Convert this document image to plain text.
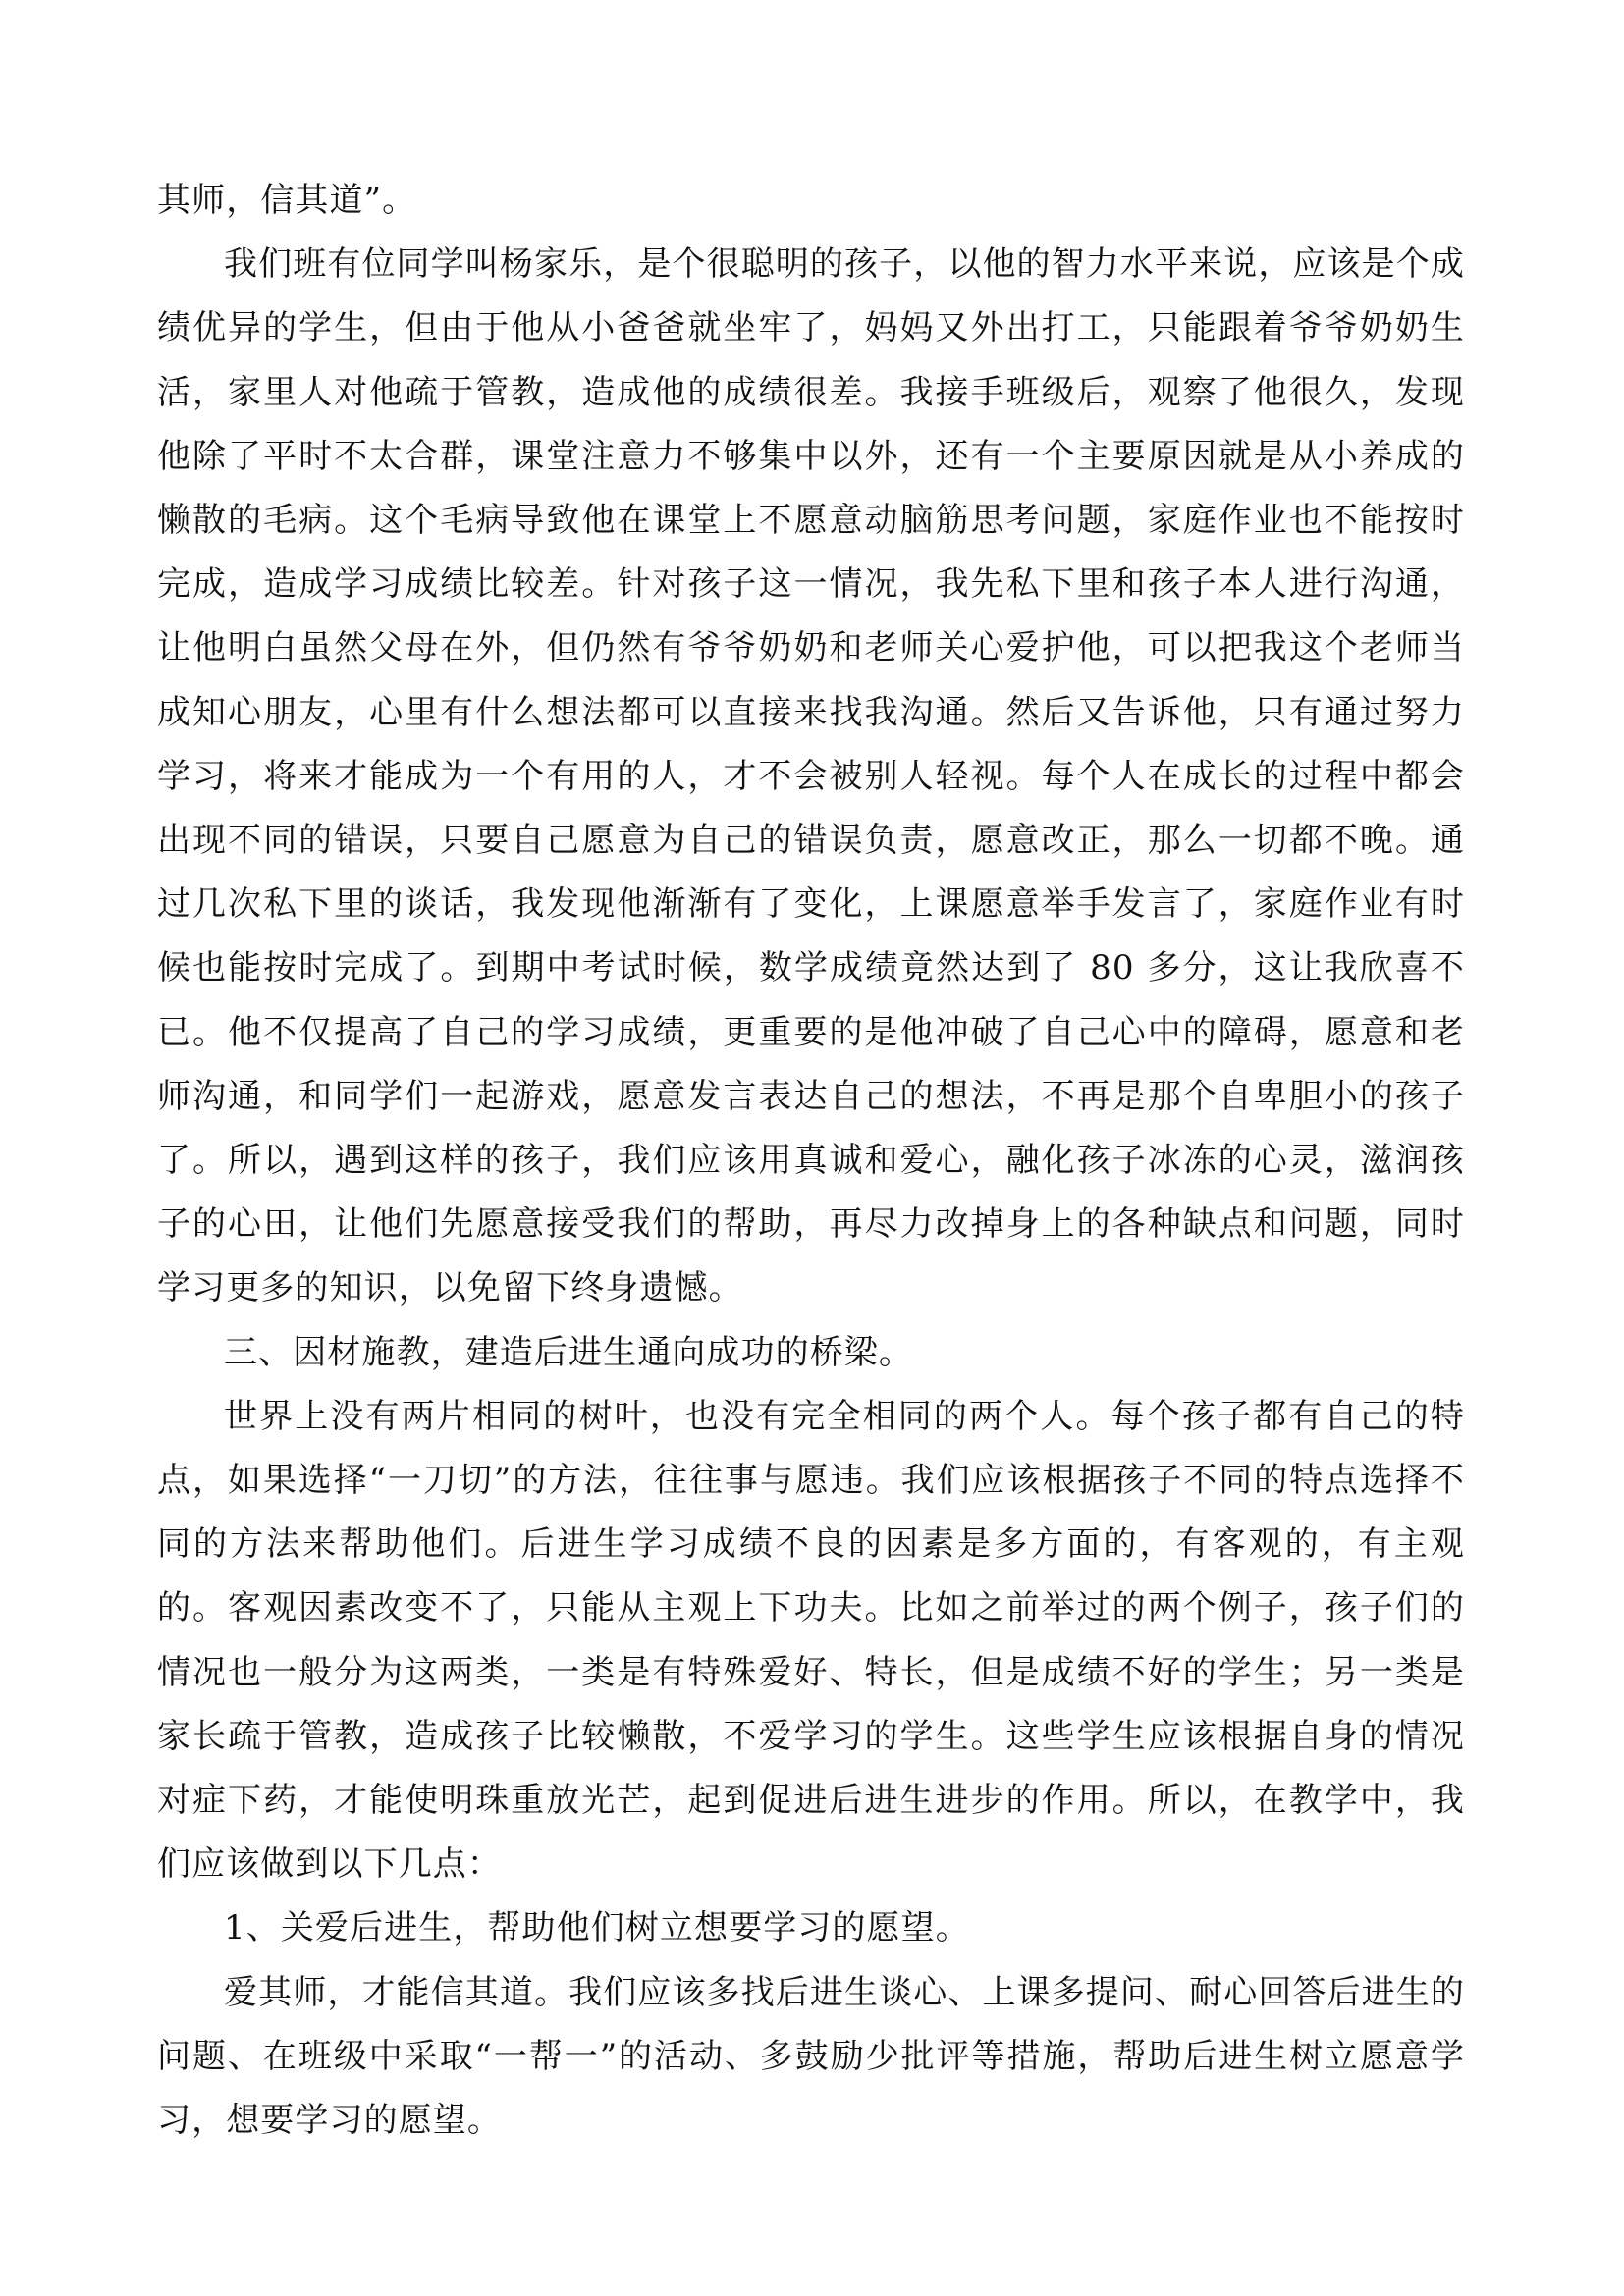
其师，信其道”。

我们班有位同学叫杨家乐，是个很聪明的孩子，以他的智力水平来说，应该是个成绩优异的学生，但由于他从小爸爸就坐牢了，妈妈又外出打工，只能跟着爷爷奶奶生活，家里人对他疏于管教，造成他的成绩很差。我接手班级后，观察了他很久，发现他除了平时不太合群，课堂注意力不够集中以外，还有一个主要原因就是从小养成的懒散的毛病。这个毛病导致他在课堂上不愿意动脑筋思考问题，家庭作业也不能按时完成，造成学习成绩比较差。针对孩子这一情况，我先私下里和孩子本人进行沟通，让他明白虽然父母在外，但仍然有爷爷奶奶和老师关心爱护他，可以把我这个老师当成知心朋友，心里有什么想法都可以直接来找我沟通。然后又告诉他，只有通过努力学习，将来才能成为一个有用的人，才不会被别人轻视。每个人在成长的过程中都会出现不同的错误，只要自己愿意为自己的错误负责，愿意改正，那么一切都不晚。通过几次私下里的谈话，我发现他渐渐有了变化，上课愿意举手发言了，家庭作业有时候也能按时完成了。到期中考试时候，数学成绩竟然达到了 80 多分，这让我欣喜不已。他不仅提高了自己的学习成绩，更重要的是他冲破了自己心中的障碍，愿意和老师沟通，和同学们一起游戏，愿意发言表达自己的想法，不再是那个自卑胆小的孩子了。所以，遇到这样的孩子，我们应该用真诚和爱心，融化孩子冰冻的心灵，滋润孩子的心田，让他们先愿意接受我们的帮助，再尽力改掉身上的各种缺点和问题，同时学习更多的知识，以免留下终身遗憾。

三、因材施教，建造后进生通向成功的桥梁。

世界上没有两片相同的树叶，也没有完全相同的两个人。每个孩子都有自己的特点，如果选择“一刀切”的方法，往往事与愿违。我们应该根据孩子不同的特点选择不同的方法来帮助他们。后进生学习成绩不良的因素是多方面的，有客观的，有主观的。客观因素改变不了，只能从主观上下功夫。比如之前举过的两个例子，孩子们的情况也一般分为这两类，一类是有特殊爱好、特长，但是成绩不好的学生；另一类是家长疏于管教，造成孩子比较懒散，不爱学习的学生。这些学生应该根据自身的情况对症下药，才能使明珠重放光芒，起到促进后进生进步的作用。所以，在教学中，我们应该做到以下几点：

1、关爱后进生，帮助他们树立想要学习的愿望。

爱其师，才能信其道。我们应该多找后进生谈心、上课多提问、耐心回答后进生的问题、在班级中采取“一帮一”的活动、多鼓励少批评等措施，帮助后进生树立愿意学习，想要学习的愿望。
